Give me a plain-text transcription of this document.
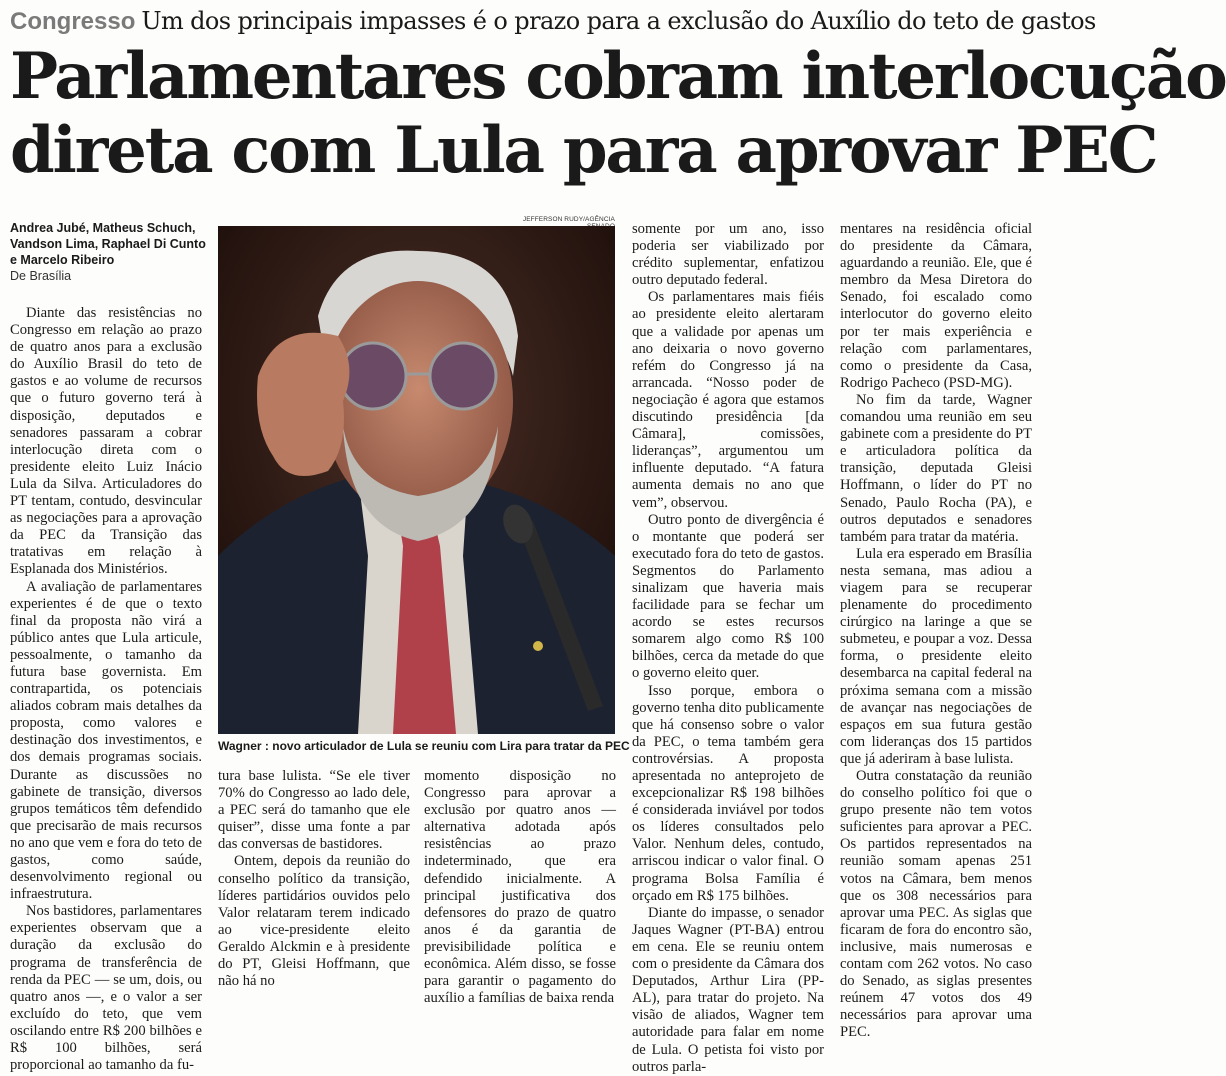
Congresso Um dos principais impasses é o prazo para a exclusão do Auxílio do teto de gastos
Parlamentares cobram interlocução
direta com Lula para aprovar PEC
Andrea Jubé, Matheus Schuch, Vandson Lima, Raphael Di Cunto e Marcelo Ribeiro
De Brasília
JEFFERSON RUDY/AGÊNCIA
Wagner : novo articulador de Lula se reuniu com Lira para tratar da PEC

Diante das resistências no Congresso em relação ao prazo de quatro anos para a exclusão do Auxílio Brasil do teto de gastos e ao volume de recursos que o futuro governo terá à disposição, deputados e senadores passaram a cobrar interlocução direta com o presidente eleito Luiz Inácio Lula da Silva. Articuladores do PT tentam, contudo, desvincular as negociações para a aprovação da PEC da Transição das tratativas em relação à Esplanada dos Ministérios.

A avaliação de parlamentares experientes é de que o texto final da proposta não virá a público antes que Lula articule, pessoalmente, o tamanho da futura base governista. Em contrapartida, os potenciais aliados cobram mais detalhes da proposta, como valores e destinação dos investimentos, e dos demais programas sociais. Durante as discussões no gabinete de transição, diversos grupos temáticos têm defendido que precisarão de mais recursos no ano que vem e fora do teto de gastos, como saúde, desenvolvimento regional ou infraestrutura.

Nos bastidores, parlamentares experientes observam que a duração da exclusão do programa de transferência de renda da PEC — se um, dois, ou quatro anos —, e o valor a ser excluído do teto, que vem oscilando entre R$ 200 bilhões e R$ 100 bilhões, será proporcional ao tamanho da fu-

tura base lulista. “Se ele tiver 70% do Congresso ao lado dele, a PEC será do tamanho que ele quiser”, disse uma fonte a par das conversas de bastidores.

Ontem, depois da reunião do conselho político da transição, líderes partidários ouvidos pelo Valor relataram terem indicado ao vice-presidente eleito Geraldo Alckmin e à presidente do PT, Gleisi Hoffmann, que não há no

momento disposição no Congresso para aprovar a exclusão por quatro anos — alternativa adotada após resistências ao prazo indeterminado, que era defendido inicialmente. A principal justificativa dos defensores do prazo de quatro anos é da garantia de previsibilidade política e econômica. Além disso, se fosse para garantir o pagamento do auxílio a famílias de baixa renda

somente por um ano, isso poderia ser viabilizado por crédito suplementar, enfatizou outro deputado federal.

Os parlamentares mais fiéis ao presidente eleito alertaram que a validade por apenas um ano deixaria o novo governo refém do Congresso já na arrancada. “Nosso poder de negociação é agora que estamos discutindo presidência [da Câmara], comissões, lideranças”, argumentou um influente deputado. “A fatura aumenta demais no ano que vem”, observou.

Outro ponto de divergência é o montante que poderá ser executado fora do teto de gastos. Segmentos do Parlamento sinalizam que haveria mais facilidade para se fechar um acordo se estes recursos somarem algo como R$ 100 bilhões, cerca da metade do que o governo eleito quer.

Isso porque, embora o governo tenha dito publicamente que há consenso sobre o valor da PEC, o tema também gera controvérsias. A proposta apresentada no anteprojeto de excepcionalizar R$ 198 bilhões é considerada inviável por todos os líderes consultados pelo Valor. Nenhum deles, contudo, arriscou indicar o valor final. O programa Bolsa Família é orçado em R$ 175 bilhões.

Diante do impasse, o senador Jaques Wagner (PT-BA) entrou em cena. Ele se reuniu ontem com o presidente da Câmara dos Deputados, Arthur Lira (PP-AL), para tratar do projeto. Na visão de aliados, Wagner tem autoridade para falar em nome de Lula. O petista foi visto por outros parla-

mentares na residência oficial do presidente da Câmara, aguardando a reunião. Ele, que é membro da Mesa Diretora do Senado, foi escalado como interlocutor do governo eleito por ter mais experiência e relação com parlamentares, como o presidente da Casa, Rodrigo Pacheco (PSD-MG).

No fim da tarde, Wagner comandou uma reunião em seu gabinete com a presidente do PT e articuladora política da transição, deputada Gleisi Hoffmann, o líder do PT no Senado, Paulo Rocha (PA), e outros deputados e senadores também para tratar da matéria.

Lula era esperado em Brasília nesta semana, mas adiou a viagem para se recuperar plenamente do procedimento cirúrgico na laringe a que se submeteu, e poupar a voz. Dessa forma, o presidente eleito desembarca na capital federal na próxima semana com a missão de avançar nas negociações de espaços em sua futura gestão com lideranças dos 15 partidos que já aderiram à base lulista.

Outra constatação da reunião do conselho político foi que o grupo presente não tem votos suficientes para aprovar a PEC. Os partidos representados na reunião somam apenas 251 votos na Câmara, bem menos que os 308 necessários para aprovar uma PEC. As siglas que ficaram de fora do encontro são, inclusive, mais numerosas e contam com 262 votos. No caso do Senado, as siglas presentes reúnem 47 votos dos 49 necessários para aprovar uma PEC.
